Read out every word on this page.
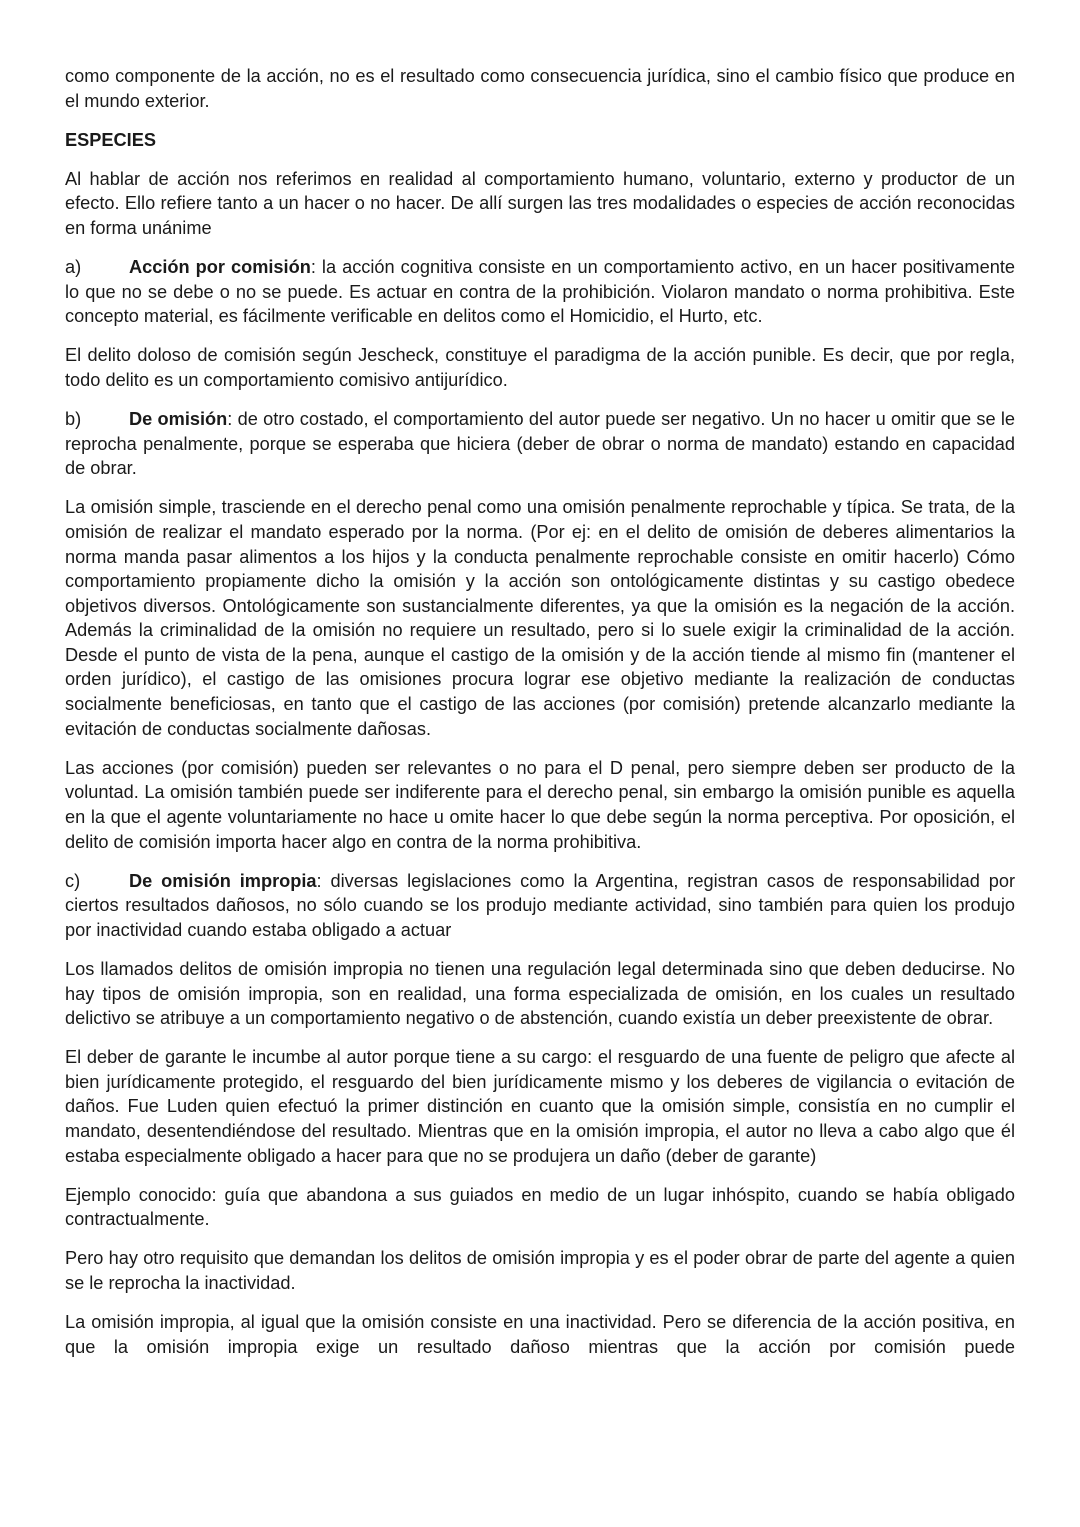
como componente de la acción, no es el resultado como consecuencia jurídica, sino el cambio físico que produce en el mundo exterior.

ESPECIES

Al hablar de acción nos referimos en realidad al comportamiento humano, voluntario, externo y productor de un efecto. Ello refiere tanto a un hacer o no hacer. De allí surgen las tres modalidades o especies de acción reconocidas en forma unánime

a)	Acción por comisión: la acción cognitiva consiste en un comportamiento activo, en un hacer positivamente lo que no se debe o no se puede. Es actuar en contra de la prohibición. Violaron mandato o norma prohibitiva. Este concepto material, es fácilmente verificable en delitos como el Homicidio, el Hurto, etc.

El delito doloso de comisión según Jescheck, constituye el paradigma de la acción punible. Es decir, que por regla, todo delito es un comportamiento comisivo antijurídico.

b)	De omisión: de otro costado, el comportamiento del autor puede ser negativo. Un no hacer u omitir que se le reprocha penalmente, porque se esperaba que hiciera (deber de obrar o norma de mandato) estando en capacidad de obrar.

La omisión simple, trasciende en el derecho penal como una omisión penalmente reprochable y típica. Se trata, de la omisión de realizar el mandato esperado por la norma. (Por ej: en el delito de omisión de deberes alimentarios la norma manda pasar alimentos a los hijos y la conducta penalmente reprochable consiste en omitir hacerlo) Cómo comportamiento propiamente dicho la omisión y la acción son ontológicamente distintas y su castigo obedece objetivos diversos. Ontológicamente son sustancialmente diferentes, ya que la omisión es la negación de la acción. Además la criminalidad de la omisión no requiere un resultado, pero si lo suele exigir la criminalidad de la acción. Desde el punto de vista de la pena, aunque el castigo de la omisión y de la acción tiende al mismo fin (mantener el orden jurídico), el castigo de las omisiones procura lograr ese objetivo mediante la realización de conductas socialmente beneficiosas, en tanto que el castigo de las acciones (por comisión) pretende alcanzarlo mediante la evitación de conductas socialmente dañosas.

Las acciones (por comisión) pueden ser relevantes o no para el D penal, pero siempre deben ser producto de la voluntad. La omisión también puede ser indiferente para el derecho penal, sin embargo la omisión punible es aquella en la que el agente voluntariamente no hace u omite hacer lo que debe según la norma perceptiva. Por oposición, el delito de comisión importa hacer algo en contra de la norma prohibitiva.

c)	De omisión impropia: diversas legislaciones como la Argentina, registran casos de responsabilidad por ciertos resultados dañosos, no sólo cuando se los produjo mediante actividad, sino también para quien los produjo por inactividad cuando estaba obligado a actuar

Los llamados delitos de omisión impropia no tienen una regulación legal determinada sino que deben deducirse. No hay tipos de omisión impropia, son en realidad, una forma especializada de omisión, en los cuales un resultado delictivo se atribuye a un comportamiento negativo o de abstención, cuando existía un deber preexistente de obrar.

El deber de garante le incumbe al autor porque tiene a su cargo: el resguardo de una fuente de peligro que afecte al bien jurídicamente protegido, el resguardo del bien jurídicamente mismo y los deberes de vigilancia o evitación de daños. Fue Luden quien efectuó la primer distinción en cuanto que la omisión simple, consistía en no cumplir el mandato, desentendiéndose del resultado. Mientras que en la omisión impropia, el autor no lleva a cabo algo que él estaba especialmente obligado a hacer para que no se produjera un daño (deber de garante)

Ejemplo conocido: guía que abandona a sus guiados en medio de un lugar inhóspito, cuando se había obligado contractualmente.

Pero hay otro requisito que demandan los delitos de omisión impropia y es el poder obrar de parte del agente a quien se le reprocha la inactividad.

La omisión impropia, al igual que la omisión consiste en una inactividad. Pero se diferencia de la acción positiva, en que la omisión impropia exige un resultado dañoso mientras que la acción por comisión puede
